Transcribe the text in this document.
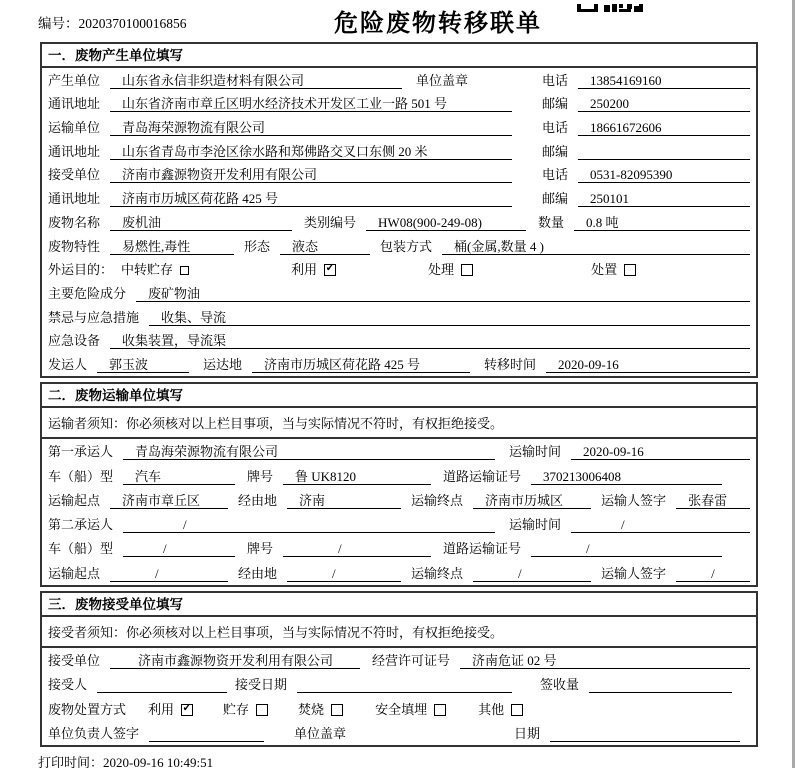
编号：2020370100016856	危险废物转移联单
一．废物产生单位填写
产生单位	山东省永信非织造材料有限公司	单位盖章	电话	13854169160
通讯地址	山东省济南市章丘区明水经济技术开发区工业一路 501 号	邮编	250200
运输单位	青岛海荣源物流有限公司	电话	18661672606
通讯地址	山东省青岛市李沧区徐水路和郑佛路交叉口东侧 20 米	邮编
接受单位	济南市鑫源物资开发利用有限公司	电话	0531-82095390
通讯地址	济南市历城区荷花路 425 号	邮编	250101
废物名称	废机油	类别编号	HW08(900-249-08)	数量	0.8 吨
废物特性	易燃性,毒性	形态	液态	包装方式	桶(金属,数量 4 )
外运目的： 中转贮存	利用 ✓	处理	处置
主要危险成分	废矿物油
禁忌与应急措施	收集、导流
应急设备	收集装置，导流渠
发运人	郭玉波	运达地	济南市历城区荷花路 425 号	转移时间	2020-09-16
二．废物运输单位填写
运输者须知：你必须核对以上栏目事项，当与实际情况不符时，有权拒绝接受。
第一承运人	青岛海荣源物流有限公司	运输时间	2020-09-16
车（船）型	汽车	牌号	鲁 UK8120	道路运输证号	370213006408
运输起点	济南市章丘区	经由地	济南	运输终点	济南市历城区	运输人签字	张春雷
第二承运人	/	运输时间	/
车（船）型	/	牌号	/	道路运输证号	/
运输起点	/	经由地	/	运输终点	/	运输人签字	/
三．废物接受单位填写
接受者须知：你必须核对以上栏目事项，当与实际情况不符时，有权拒绝接受。
接受单位	济南市鑫源物资开发利用有限公司	经营许可证号	济南危证 02 号
接受人	接受日期	签收量
废物处置方式 利用 ✓ 贮存	焚烧	安全填埋	其他
单位负责人签字	单位盖章	日期
打印时间：2020-09-16 10:49:51
